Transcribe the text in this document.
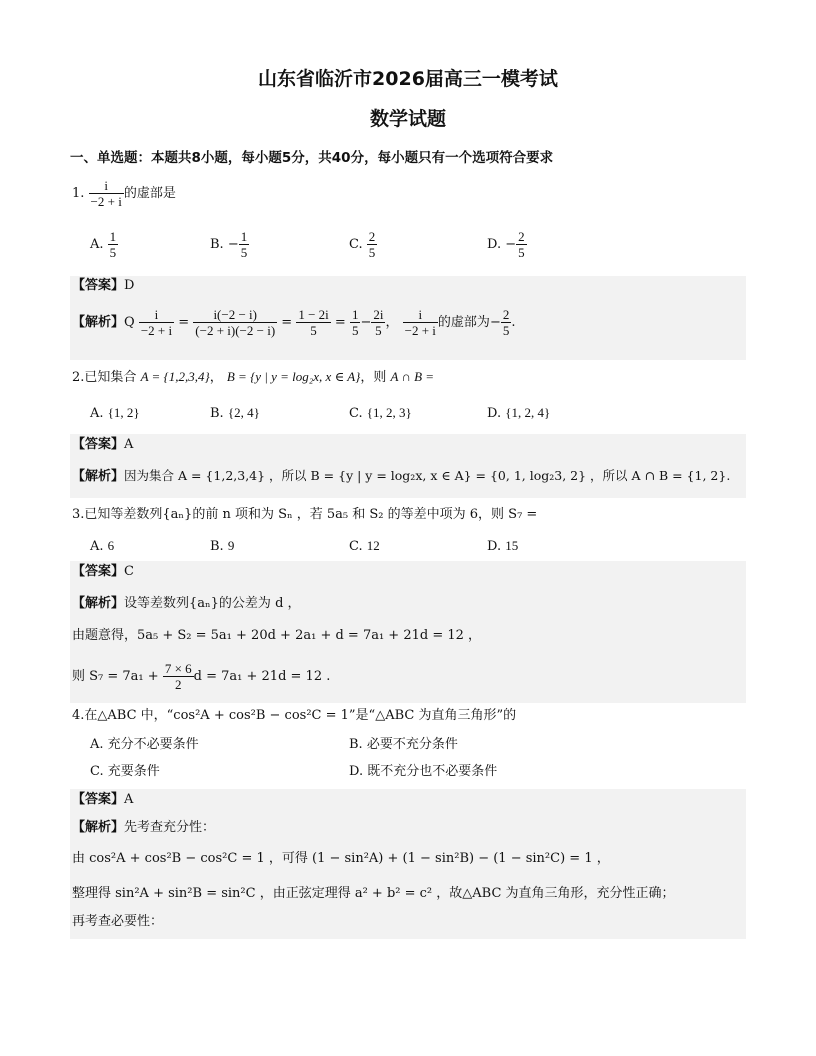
山东省临沂市2026届高三一模考试
数学试题
一、单选题：本题共8小题，每小题5分，共40分，每小题只有一个选项符合要求
1. $\frac{i}{-2 + i}$ 的虚部是
A. $\frac{1}{5}$	B. − $\frac{1}{5}$	C. $\frac{2}{5}$	D. − $\frac{2}{5}$
【答案】D
【解析】Q $\frac{i}{-2 + i} = \frac{i(-2 - i)}{(-2 + i)(-2 - i)} = \frac{1 - 2i}{5} = \frac{1}{5} - \frac{2i}{5}$ ， $\frac{i}{-2 + i}$ 的虚部为− $\frac{2}{5}$ .
2.已知集合 A = {1,2,3,4}， B = {y | y = log₂x, x ∈ A}，则 A ∩ B =
A. {1, 2}	B. {2, 4}	C. {1, 2, 3}	D. {1, 2, 4}
【答案】A
【解析】因为集合 A = {1,2,3,4} ，所以 B = {y | y = log₂x, x ∈ A} = {0, 1, log₂3, 2} ，所以 A ∩ B = {1, 2}.
3.已知等差数列{aₙ}的前 n 项和为 Sₙ ，若 5a₅ 和 S₂ 的等差中项为 6，则 S₇ =
A. 6	B. 9	C. 12	D. 15
【答案】C
【解析】设等差数列{aₙ}的公差为 d ，
由题意得，5a₅ + S₂ = 5a₁ + 20d + 2a₁ + d = 7a₁ + 21d = 12 ，
则 $S_7 = 7a_1 + \frac{7 \times 6}{2}$ d = 7a₁ + 21d = 12 .
4.在△ABC 中，“cos²A + cos²B − cos²C = 1”是“△ABC 为直角三角形”的
A. 充分不必要条件	B. 必要不充分条件
C. 充要条件	D. 既不充分也不必要条件
【答案】A
【解析】先考查充分性：
由 cos²A + cos²B − cos²C = 1 ，可得 (1 − sin²A) + (1 − sin²B) − (1 − sin²C) = 1 ，
整理得 sin²A + sin²B = sin²C ，由正弦定理得 a² + b² = c² ，故△ABC 为直角三角形，充分性正确；
再考查必要性：
